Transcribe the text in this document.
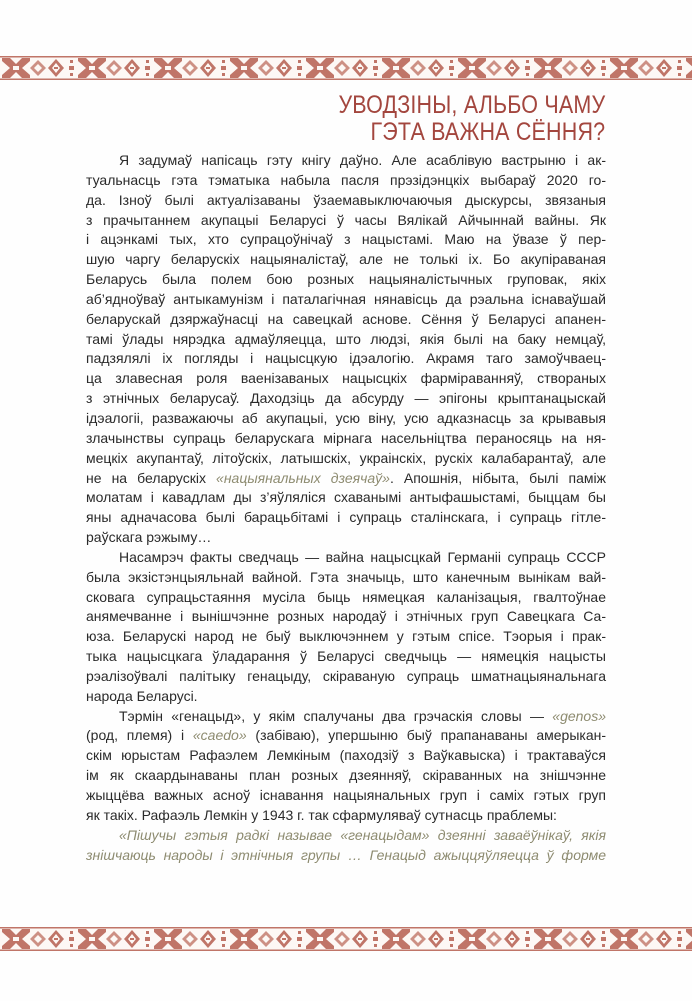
УВОДЗІНЫ, АЛЬБО ЧАМУ
ГЭТА ВАЖНА СЁННЯ?
Я задумаў напісаць гэту кнігу даўно. Але асаблівую вастрыню і ак-
туальнасць гэта тэматыка набыла пасля прэзідэнцкіх выбараў 2020 го-
да. Ізноў былі актуалізаваны ўзаемавыключаючыя дыскурсы, звязаныя
з прачытаннем акупацыі Беларусі ў часы Вялікай Айчыннай вайны. Як
і ацэнкамі тых, хто супрацоўнічаў з нацыстамі. Маю на ўвазе ў пер-
шую чаргу беларускіх нацыяналістаў, але не толькі іх. Бо акупіраваная
Беларусь была полем бою розных нацыяналістычных груповак, якіх
аб’ядноўваў антыкамунізм і паталагічная нянавісць да рэальна існаваўшай
беларускай дзяржаўнасці на савецкай аснове. Сёння ў Беларусі апанен-
тамі ўлады нярэдка адмаўляецца, што людзі, якія былі на баку немцаў,
падзялялі іх погляды і нацысцкую ідэалогію. Акрамя таго замоўчваец-
ца злавесная роля ваенізаваных нацысцкіх фарміраванняў, створаных
з этнічных беларусаў. Даходзіць да абсурду — эпігоны крыптанацыскай
ідэалогіі, разважаючы аб акупацыі, усю віну, усю адказнасць за крывавыя
злачынствы супраць беларускага мірнага насельніцтва пераносяць на ня-
мецкіх акупантаў, літоўскіх, латышскіх, украінскіх, рускіх калабарантаў, але
не на беларускіх «нацыянальных дзеячаў». Апошнія, нібыта, былі паміж
молатам і кавадлам ды з’яўляліся схаванымі антыфашыстамі, быццам бы
яны адначасова былі барацьбітамі і супраць сталінскага, і супраць гітле-
раўскага рэжыму…
Насамрэч факты сведчаць — вайна нацысцкай Германіі супраць СССР
была экзістэнцыяльнай вайной. Гэта значыць, што канечным вынікам вай-
сковага супрацьстаяння мусіла быць нямецкая каланізацыя, гвалтоўнае
анямечванне і вынішчэнне розных народаў і этнічных груп Савецкага Са-
юза. Беларускі народ не быў выключэннем у гэтым спісе. Тэорыя і прак-
тыка нацысцкага ўладарання ў Беларусі сведчыць — нямецкія нацысты
рэалізоўвалі палітыку генацыду, скіраваную супраць шматнацыянальнага
народа Беларусі.
Тэрмін «генацыд», у якім спалучаны два грэчаскія словы — «genos»
(род, племя) і «caedo» (забіваю), упершыню быў прапанаваны амерыкан-
скім юрыстам Рафаэлем Лемкіным (паходзіў з Ваўкавыска) і трактаваўся
ім як скаардынаваны план розных дзеянняў, скіраванных на знішчэнне
жыццёва важных асноў існавання нацыянальных груп і саміх гэтых груп
як такіх. Рафаэль Лемкін у 1943 г. так сфармуляваў сутнасць праблемы:
«Пішучы гэтыя радкі называе «генацыдам» дзеянні заваёўнікаў, якія
знішчаюць народы і этнічныя групы … Генацыд ажыццяўляецца ў форме
